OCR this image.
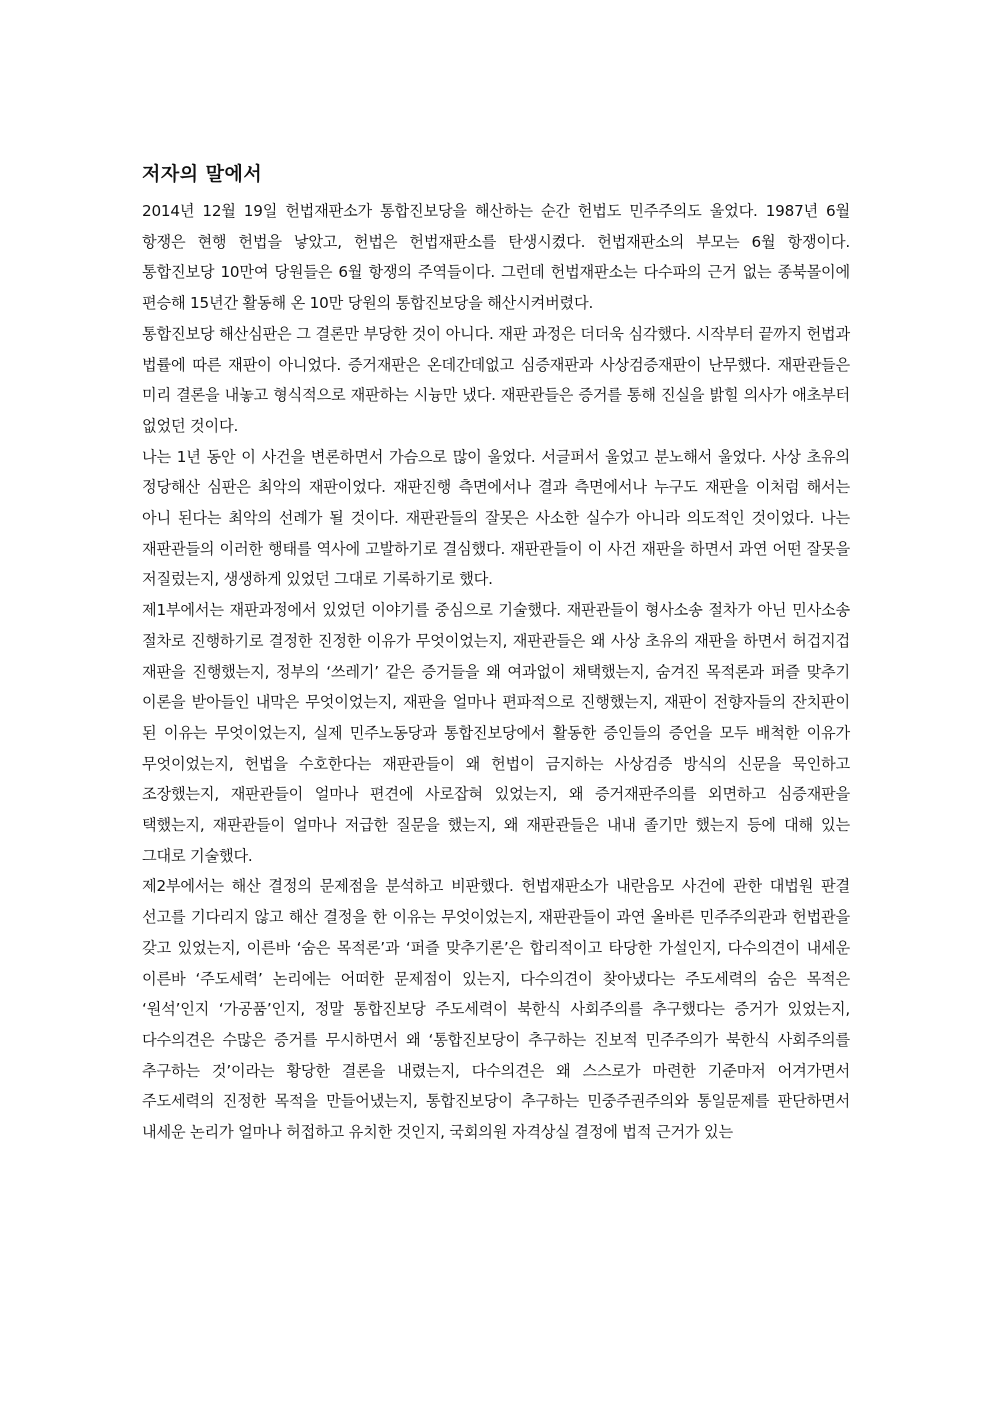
저자의 말에서

2014년 12월 19일 헌법재판소가 통합진보당을 해산하는 순간 헌법도 민주주의도 울었다. 1987년 6월 항쟁은 현행 헌법을 낳았고, 헌법은 헌법재판소를 탄생시켰다. 헌법재판소의 부모는 6월 항쟁이다. 통합진보당 10만여 당원들은 6월 항쟁의 주역들이다. 그런데 헌법재판소는 다수파의 근거 없는 종북몰이에 편승해 15년간 활동해 온 10만 당원의 통합진보당을 해산시켜버렸다.

통합진보당 해산심판은 그 결론만 부당한 것이 아니다. 재판 과정은 더더욱 심각했다. 시작부터 끝까지 헌법과 법률에 따른 재판이 아니었다. 증거재판은 온데간데없고 심증재판과 사상검증재판이 난무했다. 재판관들은 미리 결론을 내놓고 형식적으로 재판하는 시늉만 냈다. 재판관들은 증거를 통해 진실을 밝힐 의사가 애초부터 없었던 것이다.

나는 1년 동안 이 사건을 변론하면서 가슴으로 많이 울었다. 서글퍼서 울었고 분노해서 울었다. 사상 초유의 정당해산 심판은 최악의 재판이었다. 재판진행 측면에서나 결과 측면에서나 누구도 재판을 이처럼 해서는 아니 된다는 최악의 선례가 될 것이다. 재판관들의 잘못은 사소한 실수가 아니라 의도적인 것이었다. 나는 재판관들의 이러한 행태를 역사에 고발하기로 결심했다. 재판관들이 이 사건 재판을 하면서 과연 어떤 잘못을 저질렀는지, 생생하게 있었던 그대로 기록하기로 했다.

제1부에서는 재판과정에서 있었던 이야기를 중심으로 기술했다. 재판관들이 형사소송 절차가 아닌 민사소송 절차로 진행하기로 결정한 진정한 이유가 무엇이었는지, 재판관들은 왜 사상 초유의 재판을 하면서 허겁지겁 재판을 진행했는지, 정부의 ‘쓰레기’ 같은 증거들을 왜 여과없이 채택했는지, 숨겨진 목적론과 퍼즐 맞추기 이론을 받아들인 내막은 무엇이었는지, 재판을 얼마나 편파적으로 진행했는지, 재판이 전향자들의 잔치판이 된 이유는 무엇이었는지, 실제 민주노동당과 통합진보당에서 활동한 증인들의 증언을 모두 배척한 이유가 무엇이었는지, 헌법을 수호한다는 재판관들이 왜 헌법이 금지하는 사상검증 방식의 신문을 묵인하고 조장했는지, 재판관들이 얼마나 편견에 사로잡혀 있었는지, 왜 증거재판주의를 외면하고 심증재판을 택했는지, 재판관들이 얼마나 저급한 질문을 했는지, 왜 재판관들은 내내 졸기만 했는지 등에 대해 있는 그대로 기술했다.

제2부에서는 해산 결정의 문제점을 분석하고 비판했다. 헌법재판소가 내란음모 사건에 관한 대법원 판결 선고를 기다리지 않고 해산 결정을 한 이유는 무엇이었는지, 재판관들이 과연 올바른 민주주의관과 헌법관을 갖고 있었는지, 이른바 ‘숨은 목적론’과 ‘퍼즐 맞추기론’은 합리적이고 타당한 가설인지, 다수의견이 내세운 이른바 ‘주도세력’ 논리에는 어떠한 문제점이 있는지, 다수의견이 찾아냈다는 주도세력의 숨은 목적은 ‘원석’인지 ‘가공품’인지, 정말 통합진보당 주도세력이 북한식 사회주의를 추구했다는 증거가 있었는지, 다수의견은 수많은 증거를 무시하면서 왜 ‘통합진보당이 추구하는 진보적 민주주의가 북한식 사회주의를 추구하는 것’이라는 황당한 결론을 내렸는지, 다수의견은 왜 스스로가 마련한 기준마저 어겨가면서 주도세력의 진정한 목적을 만들어냈는지, 통합진보당이 추구하는 민중주권주의와 통일문제를 판단하면서 내세운 논리가 얼마나 허접하고 유치한 것인지, 국회의원 자격상실 결정에 법적 근거가 있는
